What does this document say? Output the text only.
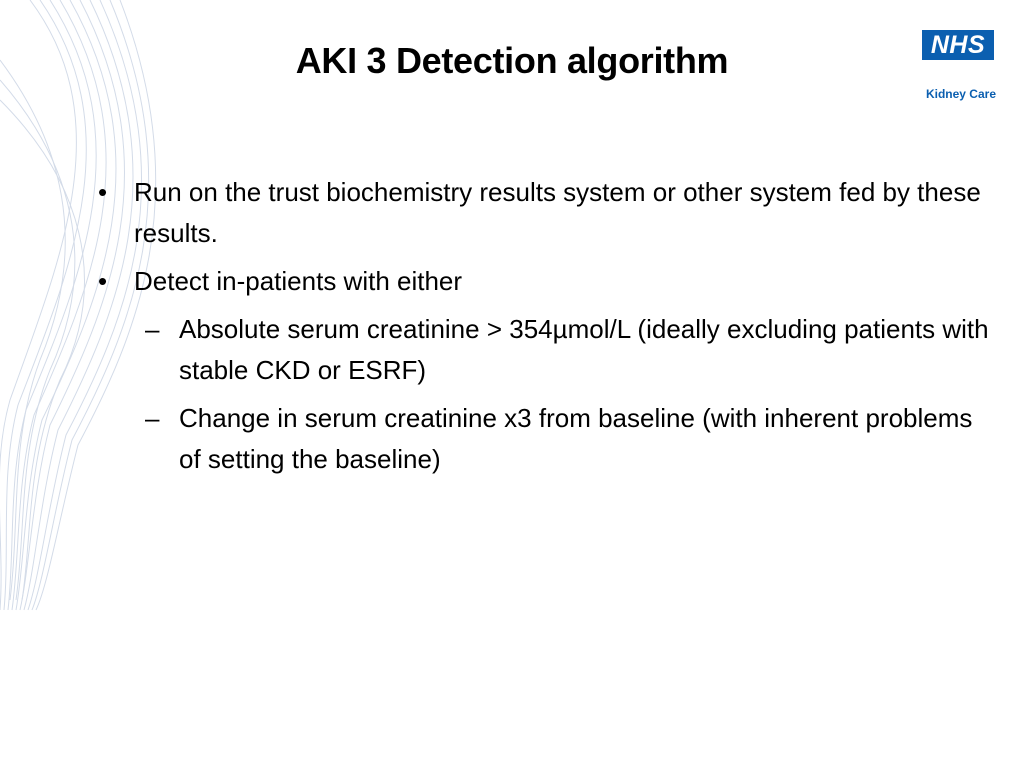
AKI 3 Detection algorithm	NHS
Kidney Care
• Run on the trust biochemistry results system or other system fed by these results.
• Detect in-patients with either
– Absolute serum creatinine > 354µmol/L (ideally excluding patients with stable CKD or ESRF)
– Change in serum creatinine x3 from baseline (with inherent problems of setting the baseline)
